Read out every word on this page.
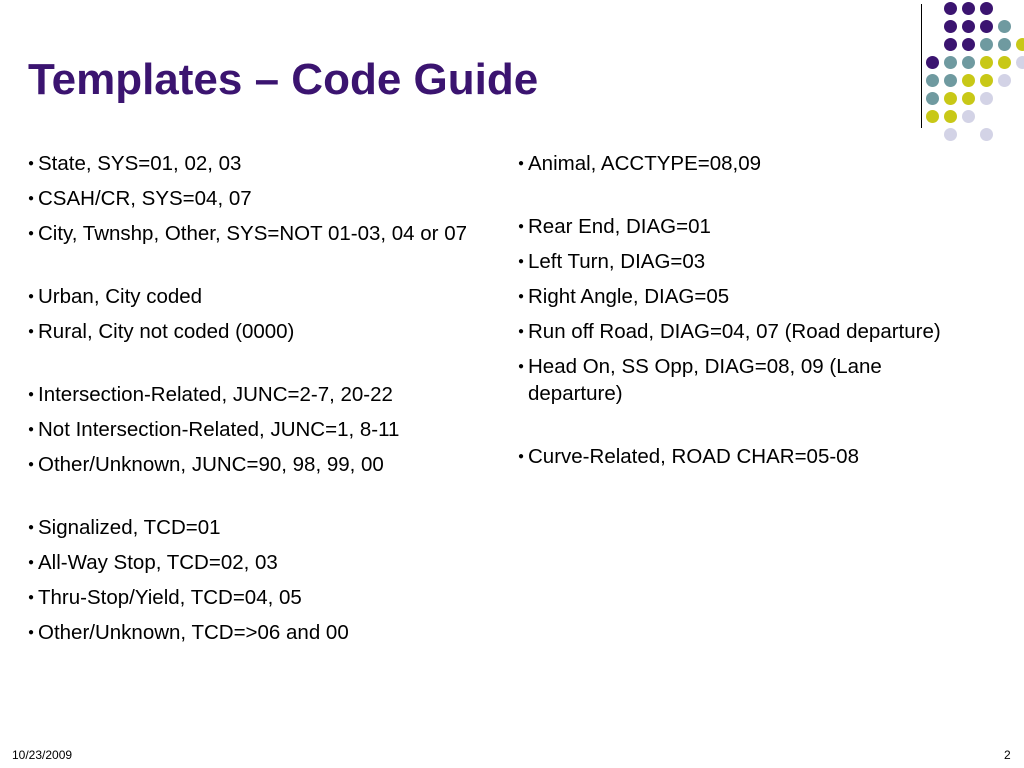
Templates – Code Guide
● State, SYS=01, 02, 03
● CSAH/CR, SYS=04, 07
● City, Twnshp, Other, SYS=NOT 01-03, 04 or 07
● Urban, City coded
● Rural, City not coded (0000)
● Intersection-Related, JUNC=2-7, 20-22
● Not Intersection-Related, JUNC=1, 8-11
● Other/Unknown, JUNC=90, 98, 99, 00
● Signalized, TCD=01
● All-Way Stop, TCD=02, 03
● Thru-Stop/Yield, TCD=04, 05
● Other/Unknown, TCD=>06 and 00
● Animal, ACCTYPE=08,09
● Rear End, DIAG=01
● Left Turn, DIAG=03
● Right Angle, DIAG=05
● Run off Road, DIAG=04, 07 (Road departure)
● Head On, SS Opp, DIAG=08, 09 (Lane departure)
● Curve-Related, ROAD CHAR=05-08
10/23/2009	2
